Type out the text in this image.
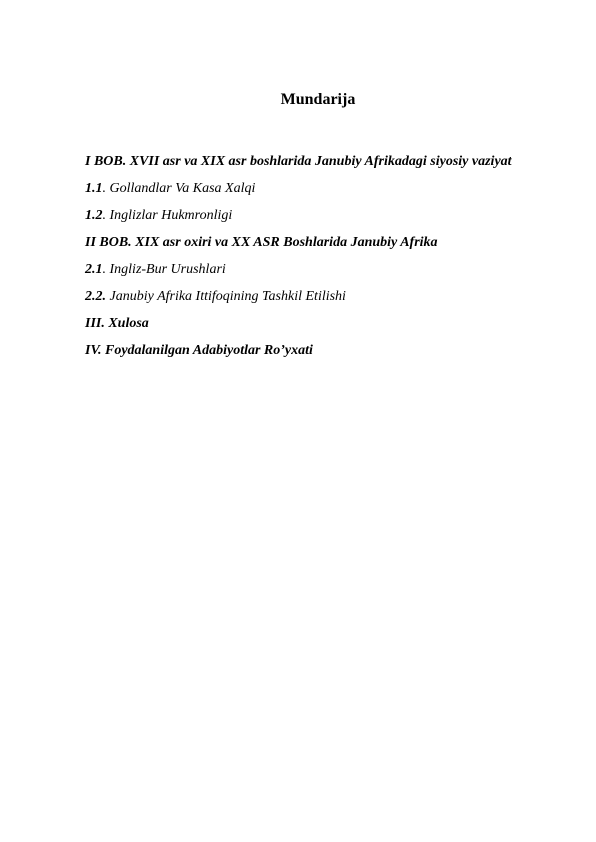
Mundarija
I BOB. XVII asr va XIX asr boshlarida Janubiy Afrikadagi siyosiy vaziyat
1.1. Gollandlar Va Kasa Xalqi
1.2. Inglizlar Hukmronligi
II BOB. XIX asr oxiri va XX ASR Boshlarida Janubiy Afrika
2.1. Ingliz-Bur Urushlari
2.2. Janubiy Afrika Ittifoqining Tashkil Etilishi
III. Xulosa
IV. Foydalanilgan Adabiyotlar Ro’yxati
